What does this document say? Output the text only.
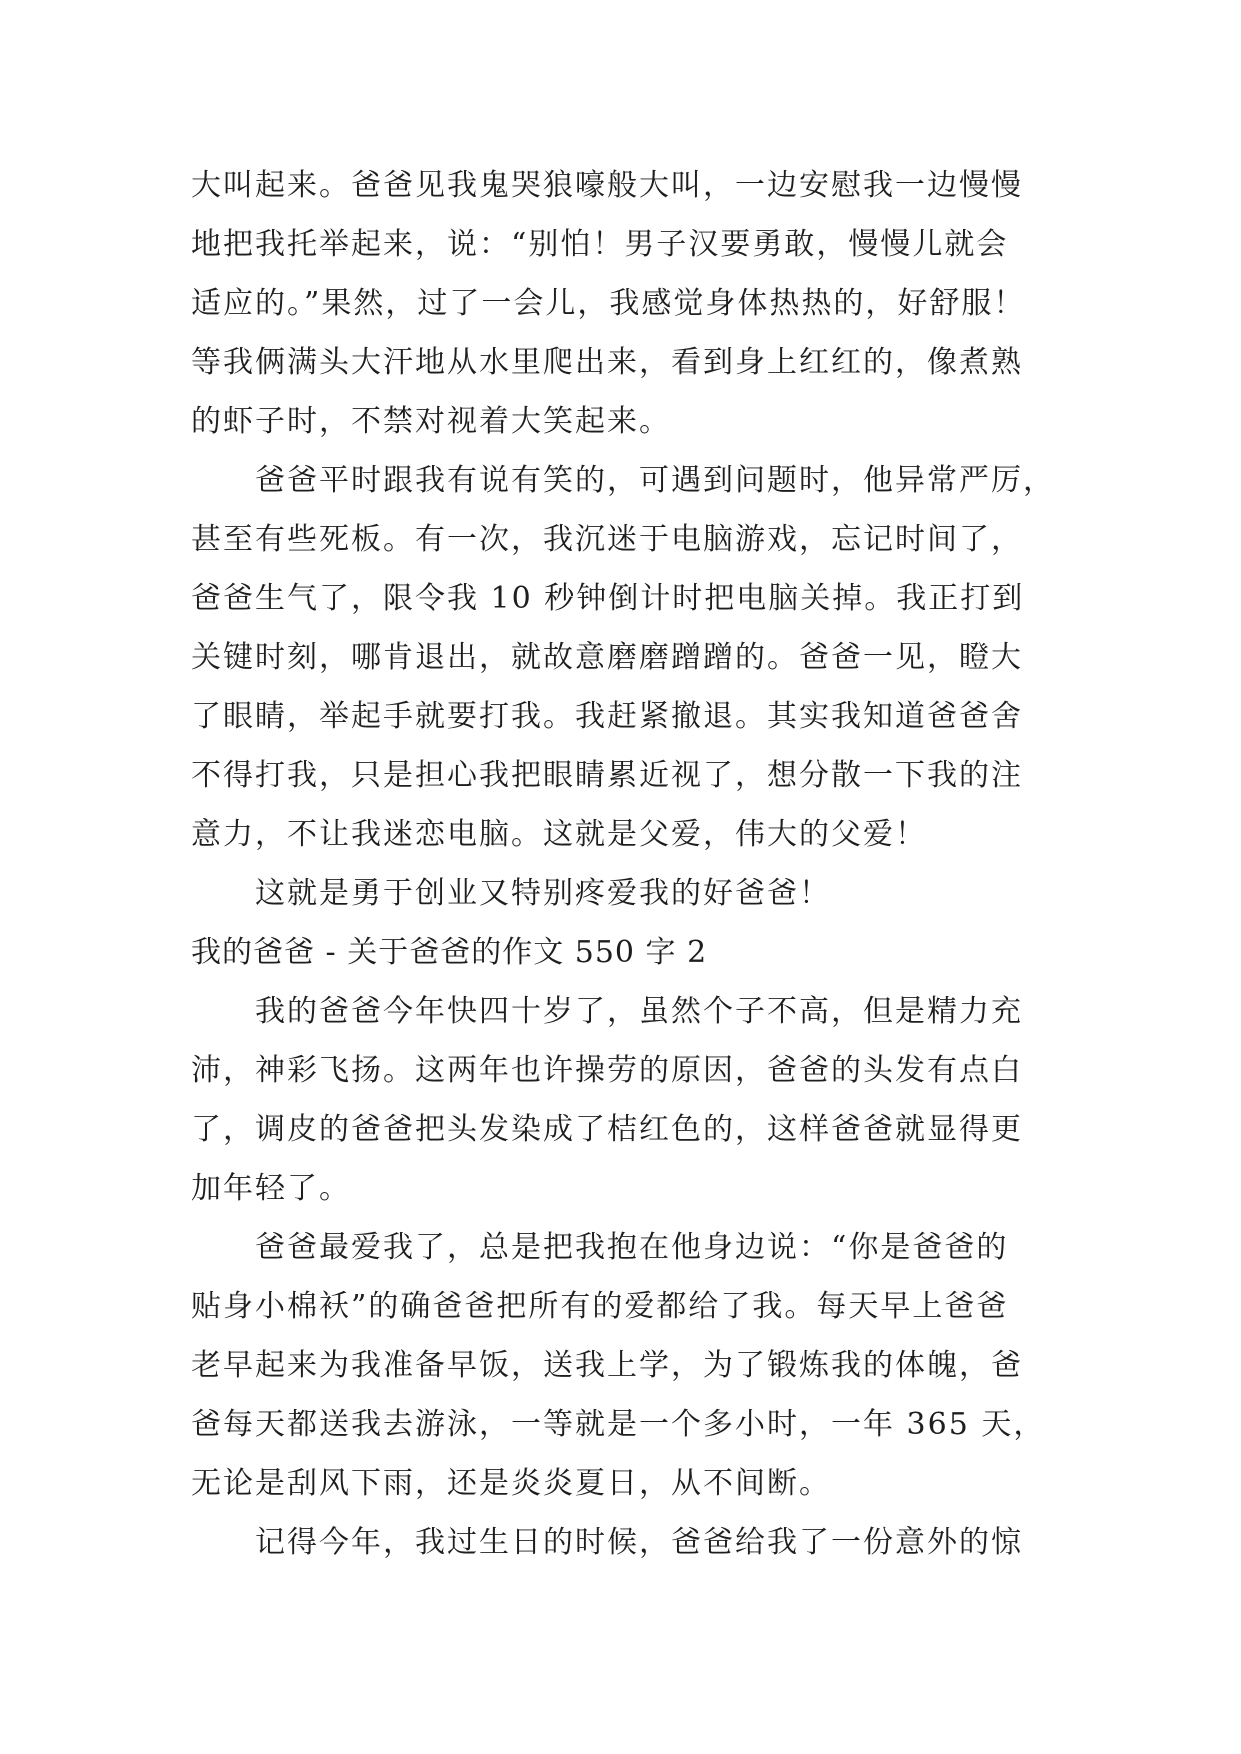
大叫起来。爸爸见我鬼哭狼嚎般大叫，一边安慰我一边慢慢
地把我托举起来，说：“别怕！男子汉要勇敢，慢慢儿就会
适应的。”果然，过了一会儿，我感觉身体热热的，好舒服！
等我俩满头大汗地从水里爬出来，看到身上红红的，像煮熟
的虾子时，不禁对视着大笑起来。
爸爸平时跟我有说有笑的，可遇到问题时，他异常严厉，
甚至有些死板。有一次，我沉迷于电脑游戏，忘记时间了，
爸爸生气了，限令我 10 秒钟倒计时把电脑关掉。我正打到
关键时刻，哪肯退出，就故意磨磨蹭蹭的。爸爸一见，瞪大
了眼睛，举起手就要打我。我赶紧撤退。其实我知道爸爸舍
不得打我，只是担心我把眼睛累近视了，想分散一下我的注
意力，不让我迷恋电脑。这就是父爱，伟大的父爱！
这就是勇于创业又特别疼爱我的好爸爸！
我的爸爸 - 关于爸爸的作文 550 字 2
我的爸爸今年快四十岁了，虽然个子不高，但是精力充
沛，神彩飞扬。这两年也许操劳的原因，爸爸的头发有点白
了，调皮的爸爸把头发染成了桔红色的，这样爸爸就显得更
加年轻了。
爸爸最爱我了，总是把我抱在他身边说：“你是爸爸的
贴身小棉袄”的确爸爸把所有的爱都给了我。每天早上爸爸
老早起来为我准备早饭，送我上学，为了锻炼我的体魄，爸
爸每天都送我去游泳，一等就是一个多小时，一年 365 天，
无论是刮风下雨，还是炎炎夏日，从不间断。
记得今年，我过生日的时候，爸爸给我了一份意外的惊
